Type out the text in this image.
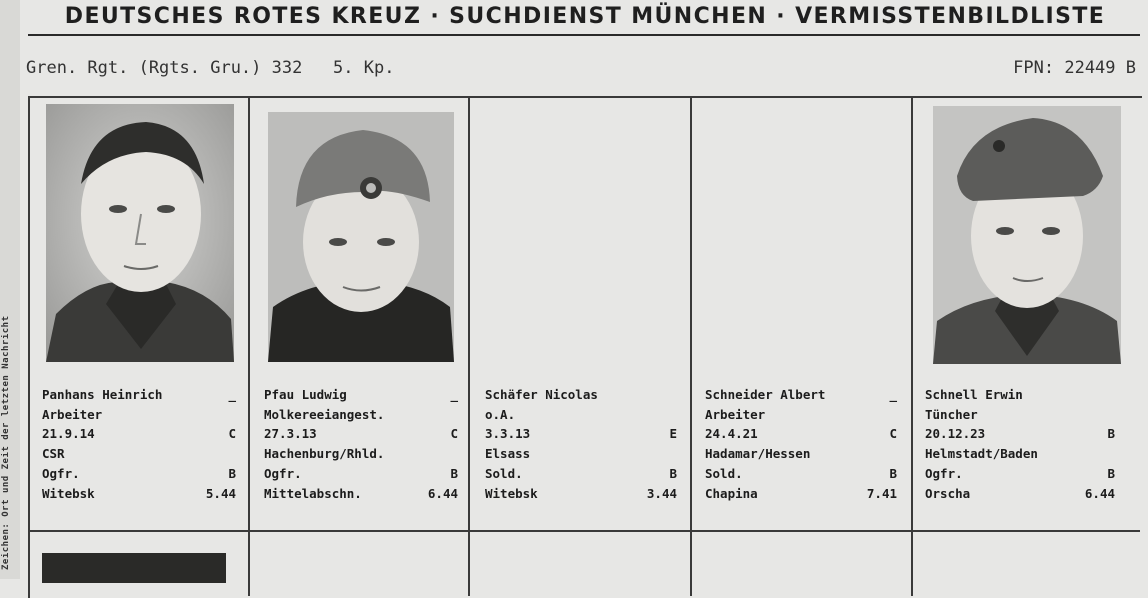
Zeichen: Ort und Zeit der letzten Nachricht
DEUTSCHES ROTES KREUZ · SUCHDIENST MÜNCHEN · VERMISSTENBILDLISTE
Gren. Rgt. (Rgts. Gru.) 332   5. Kp.	FPN: 22449 B
Panhans Heinrich	_
Arbeiter
21.9.14	C
CSR
Ogfr.	B
Witebsk	5.44
Pfau Ludwig	_
Molkereeiangest.
27.3.13	C
Hachenburg/Rhld.
Ogfr.	B
Mittelabschn.	6.44
Schäfer Nicolas
o.A.
3.3.13	E
Elsass
Sold.	B
Witebsk	3.44
Schneider Albert	_
Arbeiter
24.4.21	C
Hadamar/Hessen
Sold.	B
Chapina	7.41
Schnell Erwin
Tüncher
20.12.23	B
Helmstadt/Baden
Ogfr.	B
Orscha	6.44
